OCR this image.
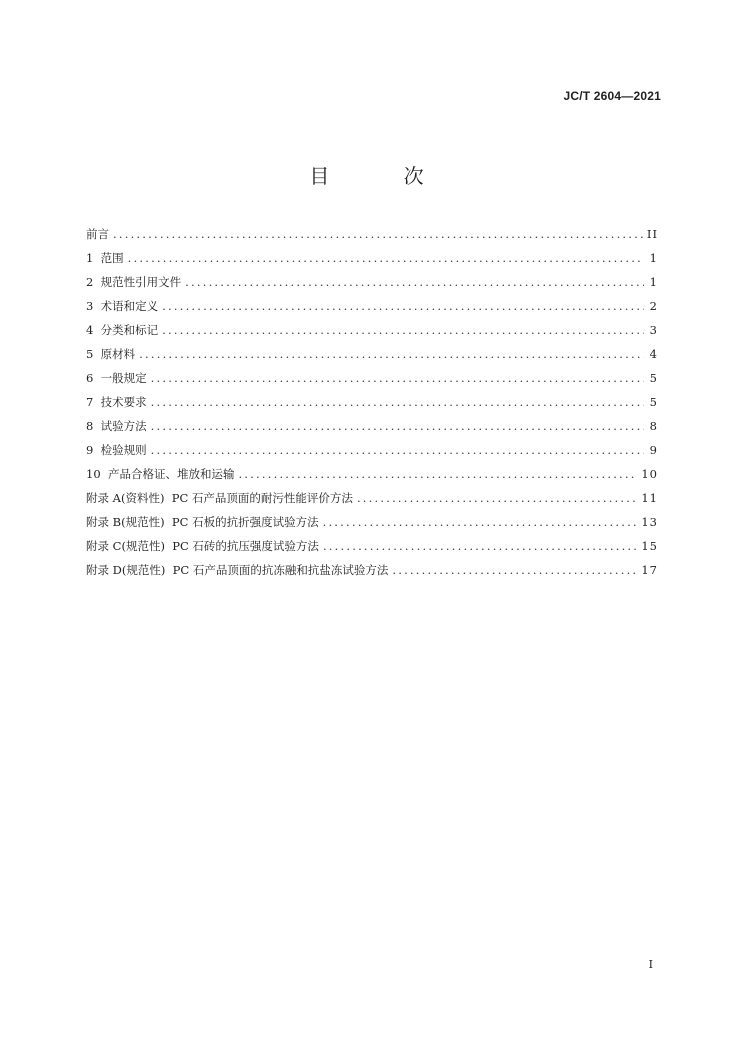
JC/T 2604—2021
目 次
前言 .....	II
1  范围 .....	1
2  规范性引用文件 .....	1
3  术语和定义 .....	2
4  分类和标记 .....	3
5  原材料 .....	4
6  一般规定 .....	5
7  技术要求 .....	5
8  试验方法 .....	8
9  检验规则 .....	9
10  产品合格证、堆放和运输 .....	10
附录 A(资料性)  PC 石产品顶面的耐污性能评价方法 .....	11
附录 B(规范性)  PC 石板的抗折强度试验方法 .....	13
附录 C(规范性)  PC 石砖的抗压强度试验方法 .....	15
附录 D(规范性)  PC 石产品顶面的抗冻融和抗盐冻试验方法 .....	17
I
